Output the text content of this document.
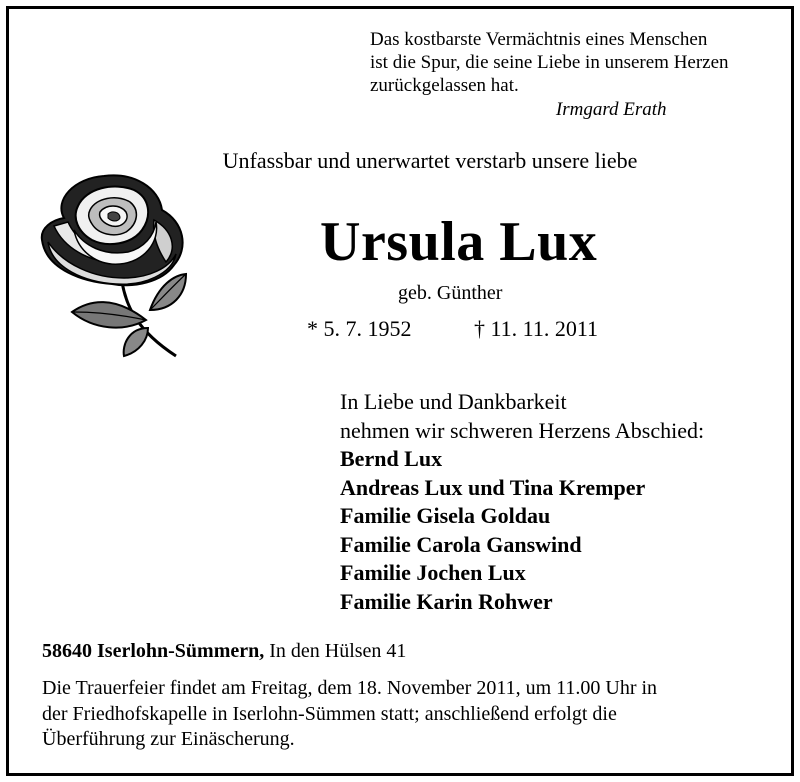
Das kostbarste Vermächtnis eines Menschen
ist die Spur, die seine Liebe in unserem Herzen
zurückgelassen hat.
Irmgard Erath
Unfassbar und unerwartet verstarb unsere liebe
Ursula Lux
geb. Günther
* 5. 7. 1952	† 11. 11. 2011
In Liebe und Dankbarkeit
nehmen wir schweren Herzens Abschied:
Bernd Lux
Andreas Lux und Tina Kremper
Familie Gisela Goldau
Familie Carola Ganswind
Familie Jochen Lux
Familie Karin Rohwer
58640 Iserlohn-Sümmern, In den Hülsen 41
Die Trauerfeier findet am Freitag, dem 18. November 2011, um 11.00 Uhr in
der Friedhofskapelle in Iserlohn-Sümmen statt; anschließend erfolgt die
Überführung zur Einäscherung.
